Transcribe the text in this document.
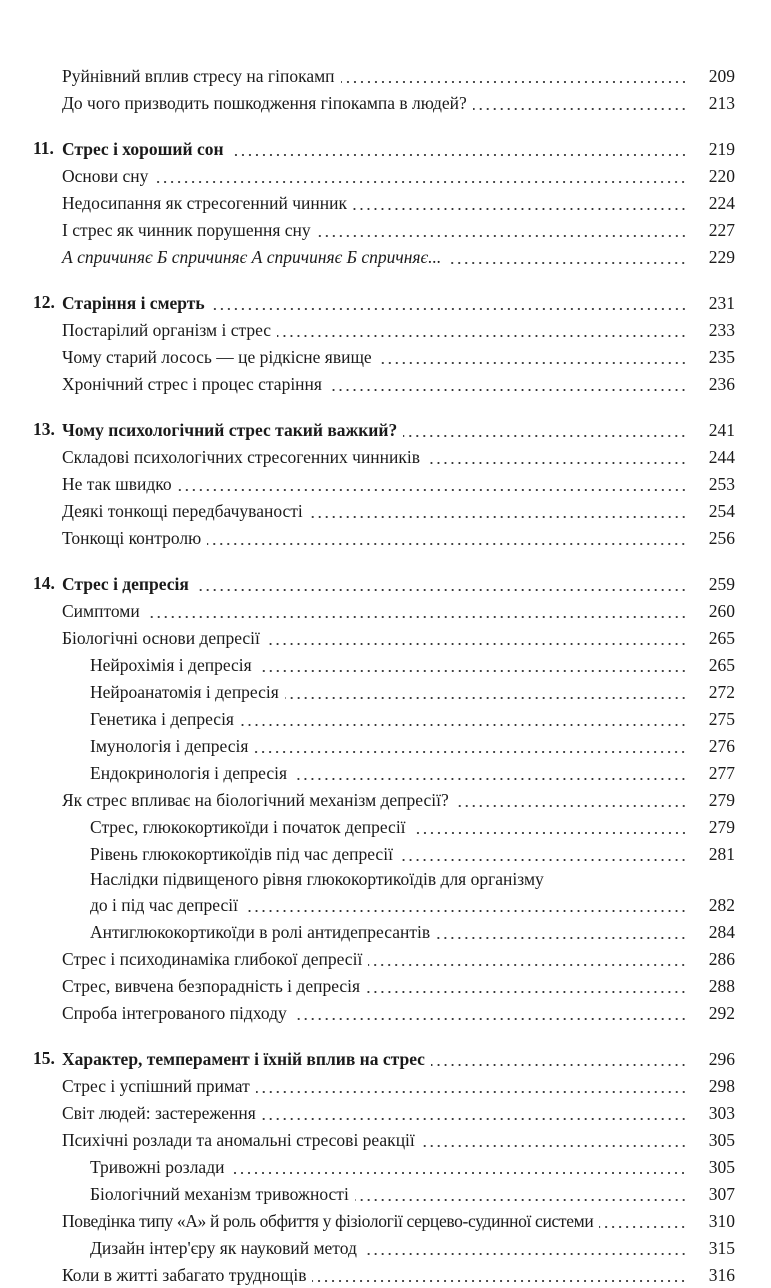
Руйнівний вплив стресу на гіпокамп	209
До чого призводить пошкодження гіпокампа в людей?	213
11. Стрес і хороший сон	219
Основи сну	220
Недосипання як стресогенний чинник	224
І стрес як чинник порушення сну	227
А спричиняє Б спричиняє А спричиняє Б спричняє...	229
12. Старіння і смерть	231
Постарілий організм і стрес	233
Чому старий лосось — це рідкісне явище	235
Хронічний стрес і процес старіння	236
13. Чому психологічний стрес такий важкий?	241
Складові психологічних стресогенних чинників	244
Не так швидко	253
Деякі тонкощі передбачуваності	254
Тонкощі контролю	256
14. Стрес і депресія	259
Симптоми	260
Біологічні основи депресії	265
Нейрохімія і депресія	265
Нейроанатомія і депресія	272
Генетика і депресія	275
Імунологія і депресія	276
Ендокринологія і депресія	277
Як стрес впливає на біологічний механізм депресії?	279
Стрес, глюкокортикоїди і початок депресії	279
Рівень глюкокортикоїдів під час депресії	281
Наслідки підвищеного рівня глюкокортикоїдів для організму
до і під час депресії	282
Антиглюкокортикоїди в ролі антидепресантів	284
Стрес і психодинаміка глибокої депресії	286
Стрес, вивчена безпорадність і депресія	288
Спроба інтегрованого підходу	292
15. Характер, темперамент і їхній вплив на стрес	296
Стрес і успішний примат	298
Світ людей: застереження	303
Психічні розлади та аномальні стресові реакції	305
Тривожні розлади	305
Біологічний механізм тривожності	307
Поведінка типу «А» й роль обфиття у фізіології серцево-судинної системи	310
Дизайн інтер'єру як науковий метод	315
Коли в житті забагато труднощів	316
